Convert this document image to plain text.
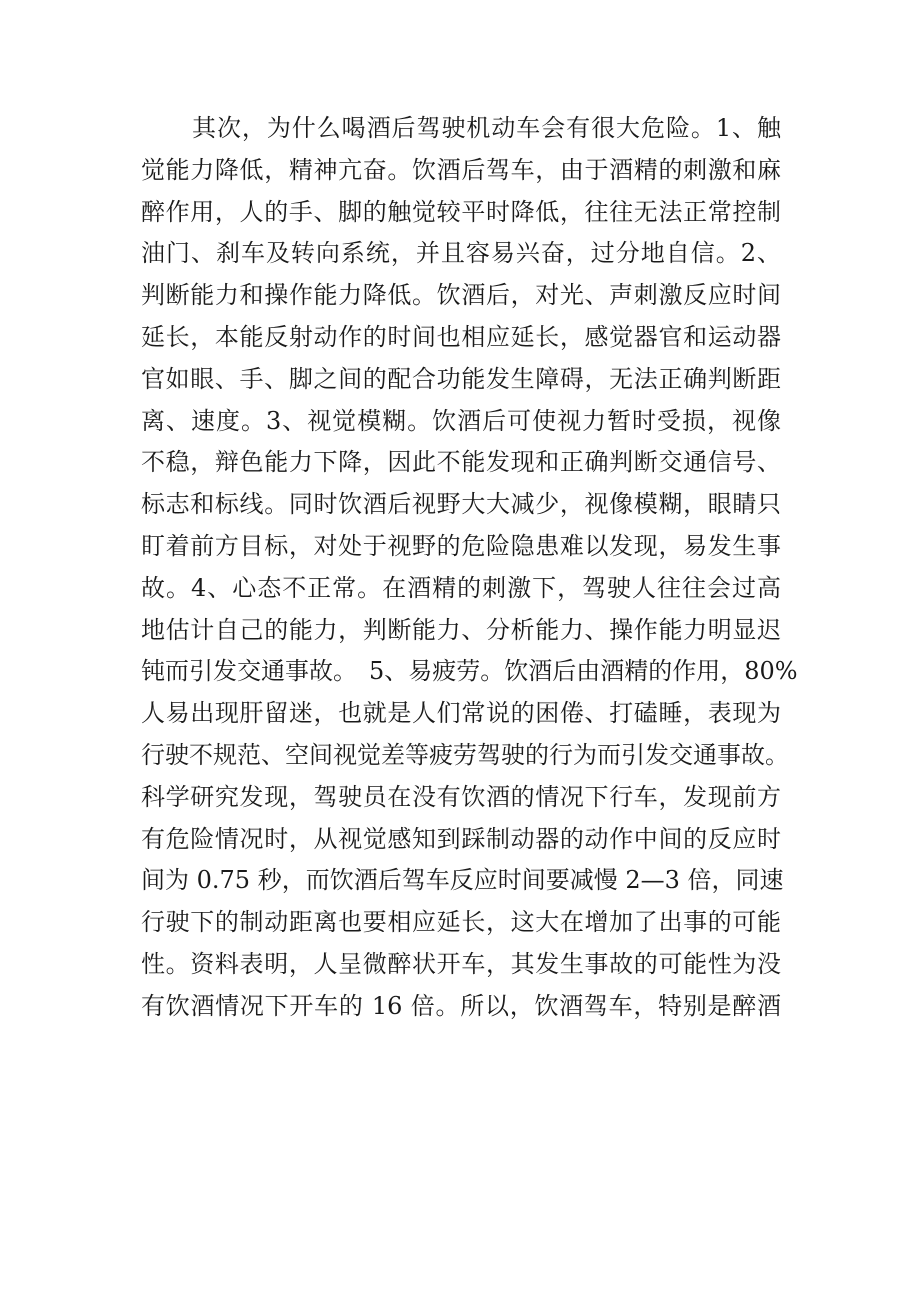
其次，为什么喝酒后驾驶机动车会有很大危险。1、触
觉能力降低，精神亢奋。饮酒后驾车，由于酒精的刺激和麻
醉作用，人的手、脚的触觉较平时降低，往往无法正常控制
油门、刹车及转向系统，并且容易兴奋，过分地自信。2、
判断能力和操作能力降低。饮酒后，对光、声刺激反应时间
延长，本能反射动作的时间也相应延长，感觉器官和运动器
官如眼、手、脚之间的配合功能发生障碍，无法正确判断距
离、速度。3、视觉模糊。饮酒后可使视力暂时受损，视像
不稳，辩色能力下降，因此不能发现和正确判断交通信号、
标志和标线。同时饮酒后视野大大减少，视像模糊，眼睛只
盯着前方目标，对处于视野的危险隐患难以发现，易发生事
故。4、心态不正常。在酒精的刺激下，驾驶人往往会过高
地估计自己的能力，判断能力、分析能力、操作能力明显迟
钝而引发交通事故。　5、易疲劳。饮酒后由酒精的作用，80%
人易出现肝留迷，也就是人们常说的困倦、打磕睡，表现为
行驶不规范、空间视觉差等疲劳驾驶的行为而引发交通事故。
科学研究发现，驾驶员在没有饮酒的情况下行车，发现前方
有危险情况时，从视觉感知到踩制动器的动作中间的反应时
间为 0.75 秒，而饮酒后驾车反应时间要减慢 2—3 倍，同速
行驶下的制动距离也要相应延长，这大在增加了出事的可能
性。资料表明，人呈微醉状开车，其发生事故的可能性为没
有饮酒情况下开车的 16 倍。所以，饮酒驾车，特别是醉酒
